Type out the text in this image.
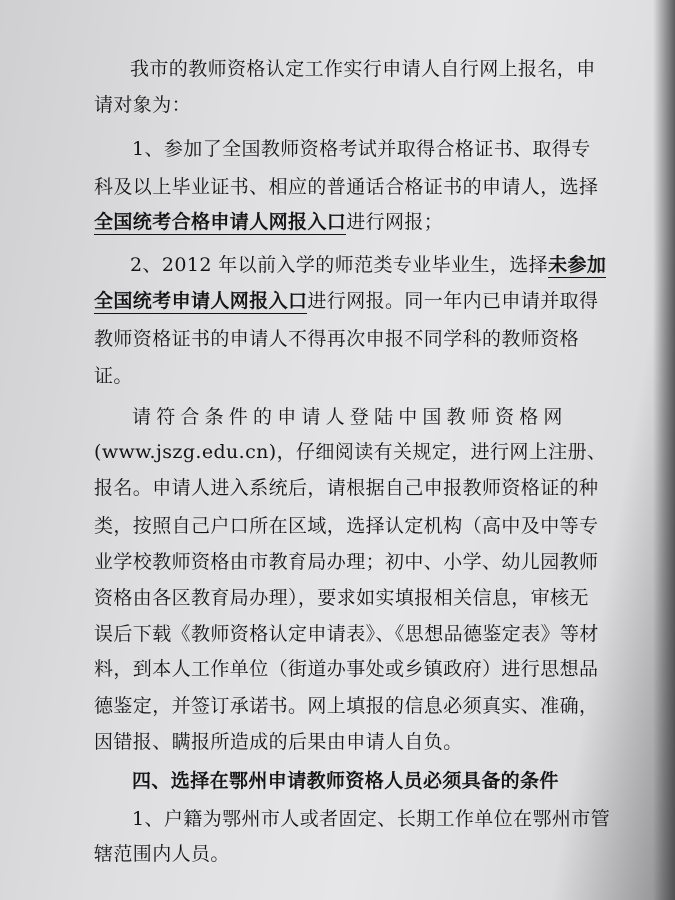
我市的教师资格认定工作实行申请人自行网上报名，申
请对象为：
1、参加了全国教师资格考试并取得合格证书、取得专
科及以上毕业证书、相应的普通话合格证书的申请人，选择
全国统考合格申请人网报入口进行网报；
2、2012 年以前入学的师范类专业毕业生，选择未参加
全国统考申请人网报入口进行网报。同一年内已申请并取得
教师资格证书的申请人不得再次申报不同学科的教师资格
证。
请符合条件的申请人登陆中国教师资格网
(www.jszg.edu.cn)，仔细阅读有关规定，进行网上注册、
报名。申请人进入系统后，请根据自己申报教师资格证的种
类，按照自己户口所在区域，选择认定机构（高中及中等专
业学校教师资格由市教育局办理；初中、小学、幼儿园教师
资格由各区教育局办理），要求如实填报相关信息，审核无
误后下载《教师资格认定申请表》、《思想品德鉴定表》等材
料，到本人工作单位（街道办事处或乡镇政府）进行思想品
德鉴定，并签订承诺书。网上填报的信息必须真实、准确，
因错报、瞒报所造成的后果由申请人自负。
四、选择在鄂州申请教师资格人员必须具备的条件
1、户籍为鄂州市人或者固定、长期工作单位在鄂州市管
辖范围内人员。
